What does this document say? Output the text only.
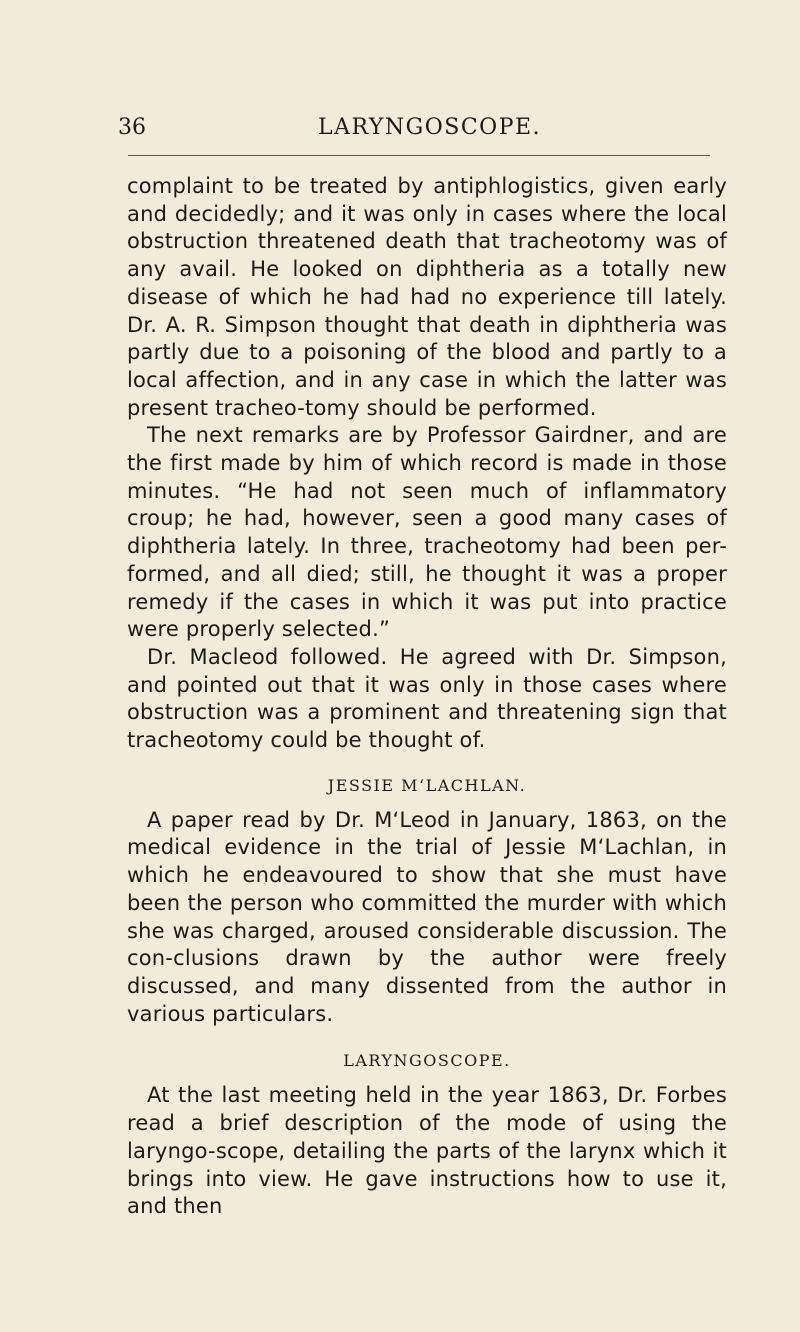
36	LARYNGOSCOPE.

complaint to be treated by antiphlogistics, given early and decidedly; and it was only in cases where the local obstruction threatened death that tracheotomy was of any avail. He looked on diphtheria as a totally new disease of which he had had no experience till lately. Dr. A. R. Simpson thought that death in diphtheria was partly due to a poisoning of the blood and partly to a local affection, and in any case in which the latter was present tracheo-tomy should be performed.

The next remarks are by Professor Gairdner, and are the first made by him of which record is made in those minutes. “He had not seen much of inflammatory croup; he had, however, seen a good many cases of diphtheria lately. In three, tracheotomy had been per-formed, and all died; still, he thought it was a proper remedy if the cases in which it was put into practice were properly selected.”

Dr. Macleod followed. He agreed with Dr. Simpson, and pointed out that it was only in those cases where obstruction was a prominent and threatening sign that tracheotomy could be thought of.

JESSIE M‘LACHLAN.

A paper read by Dr. M‘Leod in January, 1863, on the medical evidence in the trial of Jessie M‘Lachlan, in which he endeavoured to show that she must have been the person who committed the murder with which she was charged, aroused considerable discussion. The con-clusions drawn by the author were freely discussed, and many dissented from the author in various particulars.

LARYNGOSCOPE.

At the last meeting held in the year 1863, Dr. Forbes read a brief description of the mode of using the laryngo-scope, detailing the parts of the larynx which it brings into view. He gave instructions how to use it, and then
